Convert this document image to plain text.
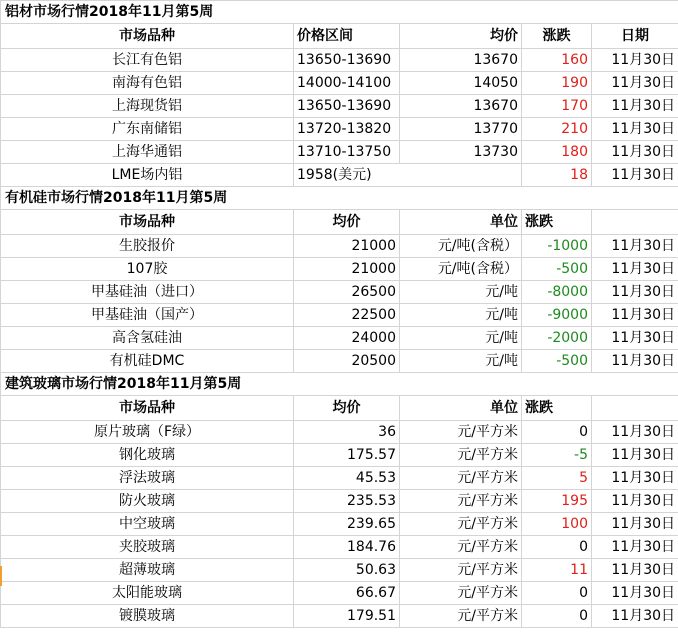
铝材市场行情2018年11月第5周				
市场品种	价格区间	均价	涨跌	日期
长江有色铝	13650-13690	13670	160	11月30日
南海有色铝	14000-14100	14050	190	11月30日
上海现货铝	13650-13690	13670	170	11月30日
广东南储铝	13720-13820	13770	210	11月30日
上海华通铝	13710-13750	13730	180	11月30日
LME场内铝	1958(美元)		18	11月30日
有机硅市场行情2018年11月第5周				
市场品种	均价	单位	涨跌	
生胶报价	21000	元/吨(含税）	-1000	11月30日
107胶	21000	元/吨(含税）	-500	11月30日
甲基硅油（进口）	26500	元/吨	-8000	11月30日
甲基硅油（国产）	22500	元/吨	-9000	11月30日
高含氢硅油	24000	元/吨	-2000	11月30日
有机硅DMC	20500	元/吨	-500	11月30日
建筑玻璃市场行情2018年11月第5周				
市场品种	均价	单位	涨跌	
原片玻璃（F绿）	36	元/平方米	0	11月30日
钢化玻璃	175.57	元/平方米	-5	11月30日
浮法玻璃	45.53	元/平方米	5	11月30日
防火玻璃	235.53	元/平方米	195	11月30日
中空玻璃	239.65	元/平方米	100	11月30日
夹胶玻璃	184.76	元/平方米	0	11月30日
超薄玻璃	50.63	元/平方米	11	11月30日
太阳能玻璃	66.67	元/平方米	0	11月30日
镀膜玻璃	179.51	元/平方米	0	11月30日
